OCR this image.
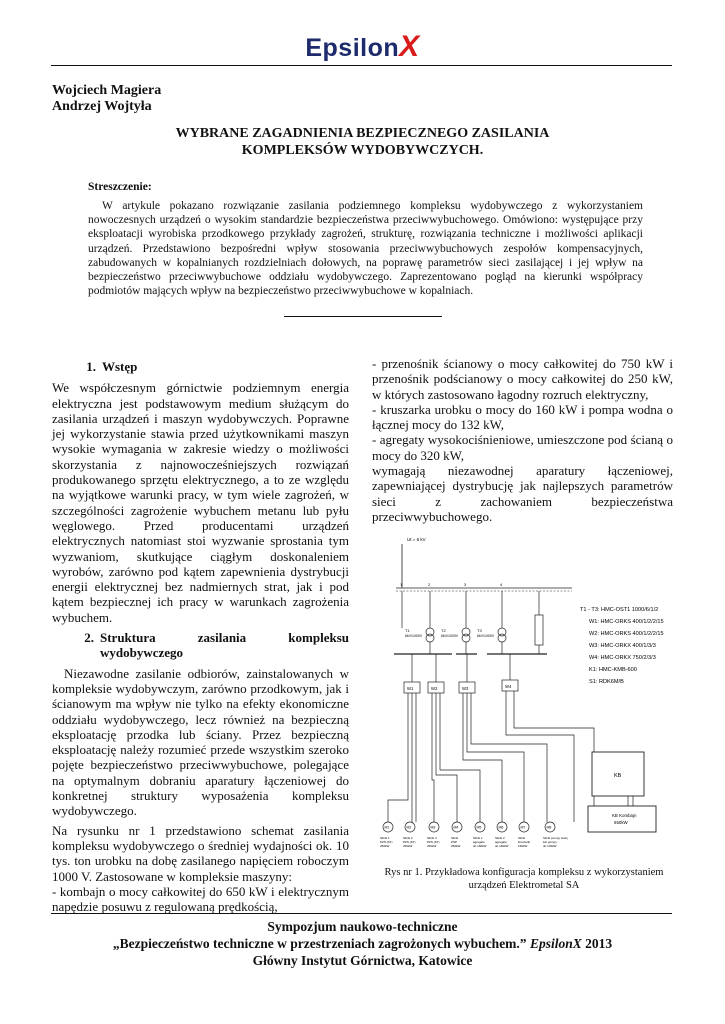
EpsilonX
Wojciech Magiera
Andrzej Wojtyła
WYBRANE ZAGADNIENIA BEZPIECZNEGO ZASILANIA
KOMPLEKSÓW WYDOBYWCZYCH.
Streszczenie:
W artykule pokazano rozwiązanie zasilania podziemnego kompleksu wydobywczego z wykorzystaniem nowoczesnych urządzeń o wysokim standardzie bezpieczeństwa przeciwwybuchowego. Omówiono: występujące przy eksploatacji wyrobiska przodkowego przykłady zagrożeń, strukturę, rozwiązania techniczne i możliwości aplikacji urządzeń. Przedstawiono bezpośredni wpływ stosowania przeciwwybuchowych zespołów kompensacyjnych, zabudowanych w kopalnianych rozdzielniach dołowych, na poprawę parametrów sieci zasilającej i jej wpływ na bezpieczeństwo przeciwwybuchowe oddziału wydobywczego. Zaprezentowano pogląd na kierunki współpracy podmiotów mających wpływ na bezpieczeństwo przeciwwybuchowe w kopalniach.
1. Wstęp

We współczesnym górnictwie podziemnym energia elektryczna jest podstawowym medium służącym do zasilania urządzeń i maszyn wydobywczych. Poprawne jej wykorzystanie stawia przed użytkownikami maszyn wysokie wymagania w zakresie wiedzy o możliwości skorzystania z najnowocześniejszych rozwiązań produkowanego sprzętu elektrycznego, a to ze względu na wyjątkowe warunki pracy, w tym wiele zagrożeń, w szczególności zagrożenie wybuchem metanu lub pyłu węglowego. Przed producentami urządzeń elektrycznych natomiast stoi wyzwanie sprostania tym wyzwaniom, skutkujące ciągłym doskonaleniem wyrobów, zarówno pod kątem zapewnienia dystrybucji energii elektrycznej bez nadmiernych strat, jak i pod kątem bezpiecznej ich pracy w warunkach zagrożenia wybuchem.

2. Struktura zasilania kompleksu wydobywczego

Niezawodne zasilanie odbiorów, zainstalowanych w kompleksie wydobywczym, zarówno przodkowym, jak i ścianowym ma wpływ nie tylko na efekty ekonomiczne oddziału wydobywczego, lecz również na bezpieczną eksploatację przodka lub ściany. Przez bezpieczną eksploatację należy rozumieć przede wszystkim szeroko pojęte bezpieczeństwo przeciwwybuchowe, polegające na optymalnym dobraniu aparatury łączeniowej do konkretnej struktury wyposażenia kompleksu wydobywczego.

Na rysunku nr 1 przedstawiono schemat zasilania kompleksu wydobywczego o średniej wydajności ok. 10 tys. ton urobku na dobę zasilanego napięciem roboczym 1000 V. Zastosowane w kompleksie maszyny:

- kombajn o mocy całkowitej do 650 kW i elektrycznym napędzie posuwu z regulowaną prędkością,

- przenośnik ścianowy o mocy całkowitej do 750 kW i przenośnik podścianowy o mocy całkowitej do 250 kW, w których zastosowano łagodny rozruch elektryczny,

- kruszarka urobku o mocy do 160 kW i pompa wodna o łącznej mocy do 132 kW,

- agregaty wysokociśnieniowe, umieszczone pod ścianą o mocy do 320 kW,

wymagają niezawodnej aparatury łączeniowej, zapewniającej dystrybucję jak najlepszych parametrów sieci z zachowaniem bezpieczeństwa przeciwwybuchowego.

Ut = 6 kV
1	2	3	4
T1
6kV/1000V
T2
6kV/1000V
T3
6kV/1000V
W1	W2	W3	W4
T1 - T3: HMC-OST1 1000/6/1/2
W1: HMC-ORKS 400/1/2/2/15
W2: HMC-ORKS 400/1/2/2/15
W3: HMC-ORKX 400/1/3/3
W4: HMC-ORKX 750/2/3/3
K1: HMC-KMB-600
S1: RDK6M/B
KB
KB Kombajn
650kW
M1	M2	M3	M4	M5	M6	M7	M8
Silnik 1
PZS (ST)
250kW
Silnik 2
PZS (ST)
250kW
Silnik 3
PZS (ST)
250kW
Silnik
PSP
250kW
Silnik 1
agregatu
do 160kW
Silnik 2
agregatu
do 160kW
Silnik
kruszarki
160kW
Silnik pompy wody
lub pompy
do 132kW
Rys nr 1. Przykładowa konfiguracja kompleksu z wykorzystaniem
urządzeń Elektrometal SA
Sympozjum naukowo-techniczne
„Bezpieczeństwo techniczne w przestrzeniach zagrożonych wybuchem.” EpsilonX 2013
Główny Instytut Górnictwa, Katowice
